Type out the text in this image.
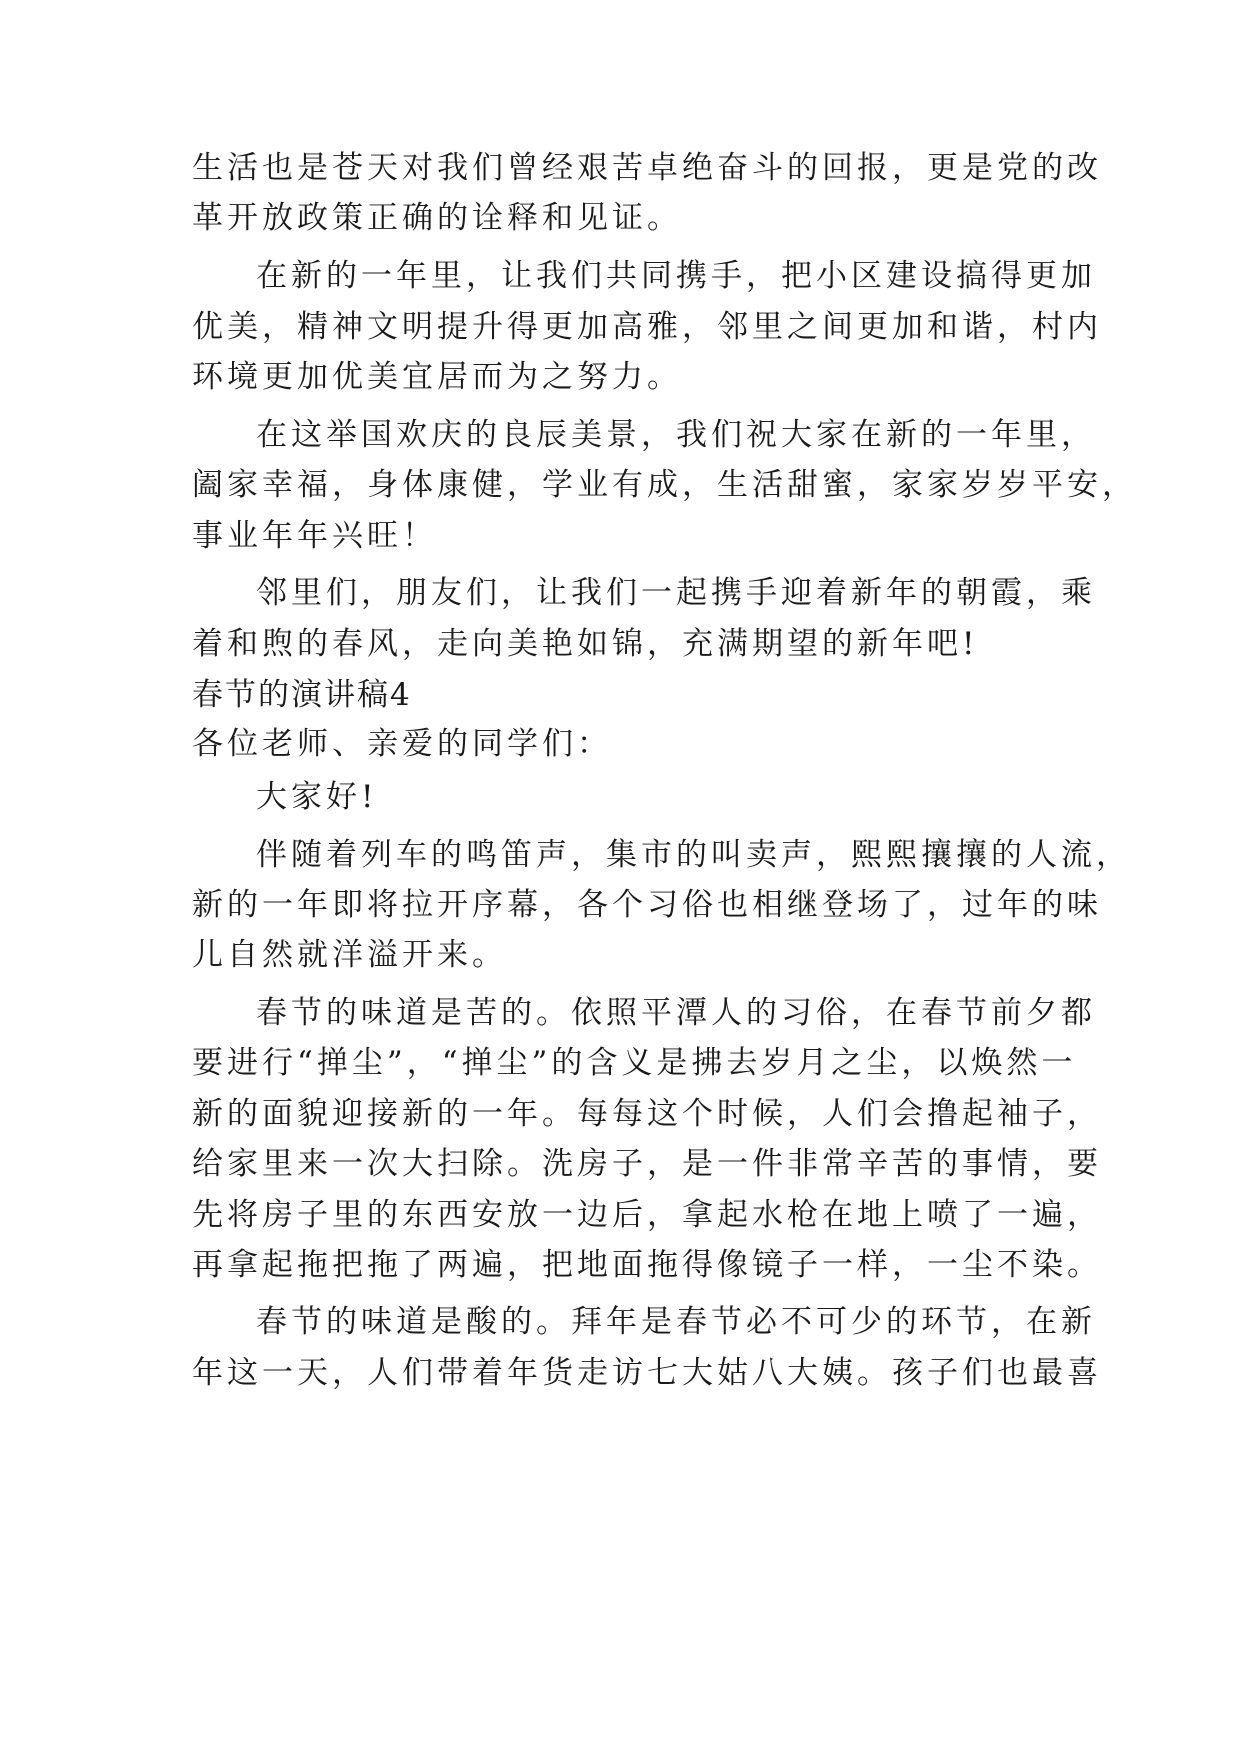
生活也是苍天对我们曾经艰苦卓绝奋斗的回报，更是党的改
革开放政策正确的诠释和见证。
在新的一年里，让我们共同携手，把小区建设搞得更加
优美，精神文明提升得更加高雅，邻里之间更加和谐，村内
环境更加优美宜居而为之努力。
在这举国欢庆的良辰美景，我们祝大家在新的一年里，
阖家幸福，身体康健，学业有成，生活甜蜜，家家岁岁平安，
事业年年兴旺！
邻里们，朋友们，让我们一起携手迎着新年的朝霞，乘
着和煦的春风，走向美艳如锦，充满期望的新年吧!
春节的演讲稿4
各位老师、亲爱的同学们：
大家好!
伴随着列车的鸣笛声，集市的叫卖声，熙熙攘攘的人流，
新的一年即将拉开序幕，各个习俗也相继登场了，过年的味
儿自然就洋溢开来。
春节的味道是苦的。依照平潭人的习俗，在春节前夕都
要进行“掸尘”，“掸尘”的含义是拂去岁月之尘，以焕然一
新的面貌迎接新的一年。每每这个时候，人们会撸起袖子，
给家里来一次大扫除。洗房子，是一件非常辛苦的事情，要
先将房子里的东西安放一边后，拿起水枪在地上喷了一遍，
再拿起拖把拖了两遍，把地面拖得像镜子一样，一尘不染。
春节的味道是酸的。拜年是春节必不可少的环节，在新
年这一天，人们带着年货走访七大姑八大姨。孩子们也最喜
